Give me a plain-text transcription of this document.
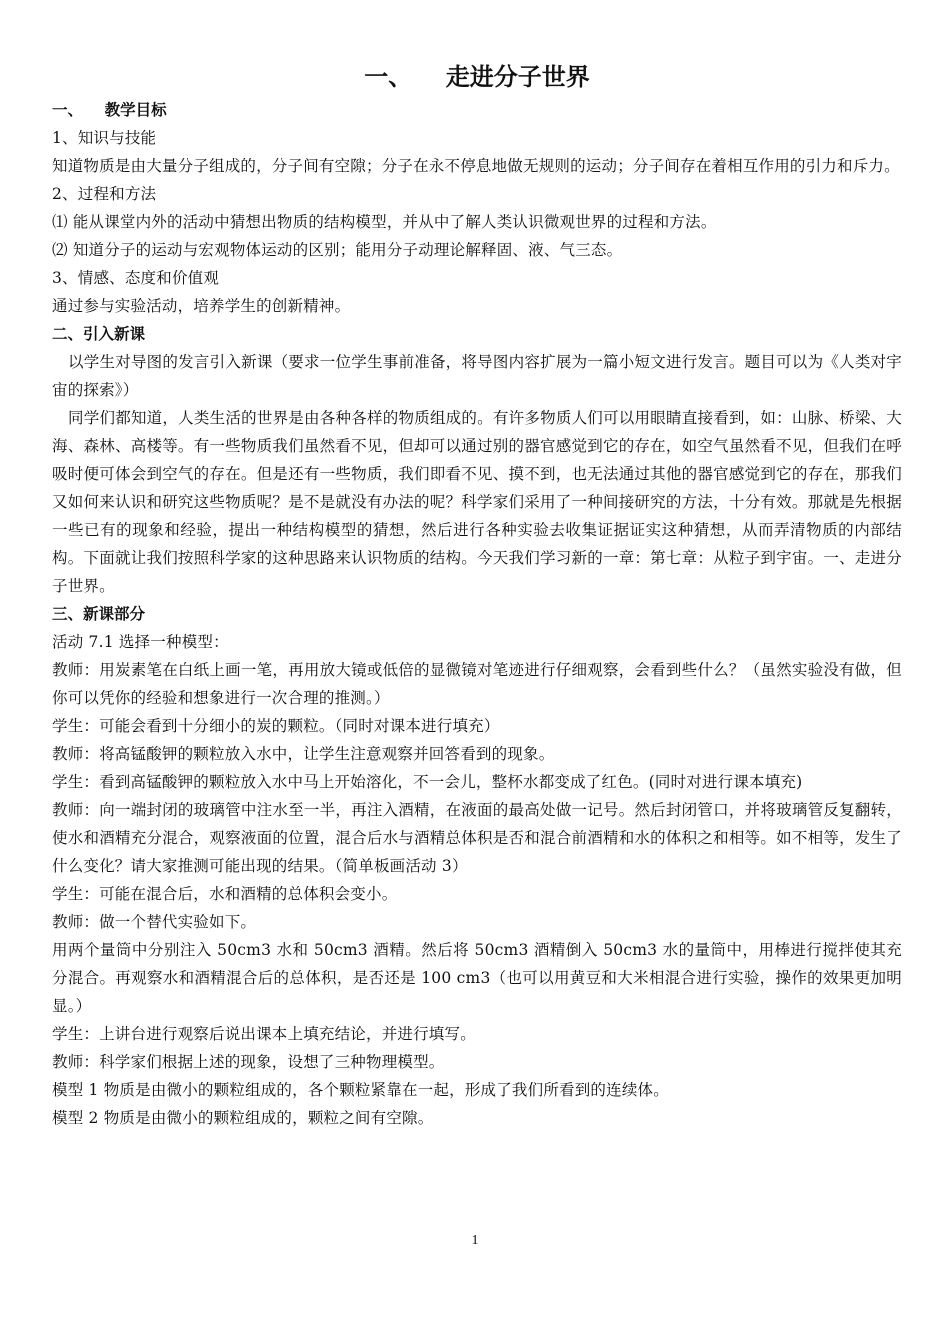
一、    走进分子世界
一、    教学目标
1、知识与技能
知道物质是由大量分子组成的，分子间有空隙；分子在永不停息地做无规则的运动；分子间存在着相互作用的引力和斥力。
2、过程和方法
⑴ 能从课堂内外的活动中猜想出物质的结构模型，并从中了解人类认识微观世界的过程和方法。
⑵ 知道分子的运动与宏观物体运动的区别；能用分子动理论解释固、液、气三态。
3、情感、态度和价值观
通过参与实验活动，培养学生的创新精神。
二、引入新课
以学生对导图的发言引入新课（要求一位学生事前准备，将导图内容扩展为一篇小短文进行发言。题目可以为《人类对宇宙的探索》）
同学们都知道，人类生活的世界是由各种各样的物质组成的。有许多物质人们可以用眼睛直接看到，如：山脉、桥梁、大海、森林、高楼等。有一些物质我们虽然看不见，但却可以通过别的器官感觉到它的存在，如空气虽然看不见，但我们在呼吸时便可体会到空气的存在。但是还有一些物质，我们即看不见、摸不到，也无法通过其他的器官感觉到它的存在，那我们又如何来认识和研究这些物质呢？是不是就没有办法的呢？科学家们采用了一种间接研究的方法，十分有效。那就是先根据一些已有的现象和经验，提出一种结构模型的猜想，然后进行各种实验去收集证据证实这种猜想，从而弄清物质的内部结构。下面就让我们按照科学家的这种思路来认识物质的结构。今天我们学习新的一章：第七章：从粒子到宇宙。一、走进分子世界。
三、新课部分
活动 7.1 选择一种模型：
教师：用炭素笔在白纸上画一笔，再用放大镜或低倍的显微镜对笔迹进行仔细观察，会看到些什么？（虽然实验没有做，但你可以凭你的经验和想象进行一次合理的推测。）
学生：可能会看到十分细小的炭的颗粒。（同时对课本进行填充）
教师：将高锰酸钾的颗粒放入水中，让学生注意观察并回答看到的现象。
学生：看到高锰酸钾的颗粒放入水中马上开始溶化，不一会儿，整杯水都变成了红色。(同时对进行课本填充)
教师：向一端封闭的玻璃管中注水至一半，再注入酒精，在液面的最高处做一记号。然后封闭管口，并将玻璃管反复翻转，使水和酒精充分混合，观察液面的位置，混合后水与酒精总体积是否和混合前酒精和水的体积之和相等。如不相等，发生了什么变化？请大家推测可能出现的结果。（简单板画活动 3）
学生：可能在混合后，水和酒精的总体积会变小。
教师：做一个替代实验如下。
用两个量筒中分别注入 50cm3 水和 50cm3 酒精。然后将 50cm3 酒精倒入 50cm3 水的量筒中，用棒进行搅拌使其充分混合。再观察水和酒精混合后的总体积，是否还是 100 cm3（也可以用黄豆和大米相混合进行实验，操作的效果更加明显。）
学生：上讲台进行观察后说出课本上填充结论，并进行填写。
教师：科学家们根据上述的现象，设想了三种物理模型。
模型 1 物质是由微小的颗粒组成的，各个颗粒紧靠在一起，形成了我们所看到的连续体。
模型 2 物质是由微小的颗粒组成的，颗粒之间有空隙。
1
